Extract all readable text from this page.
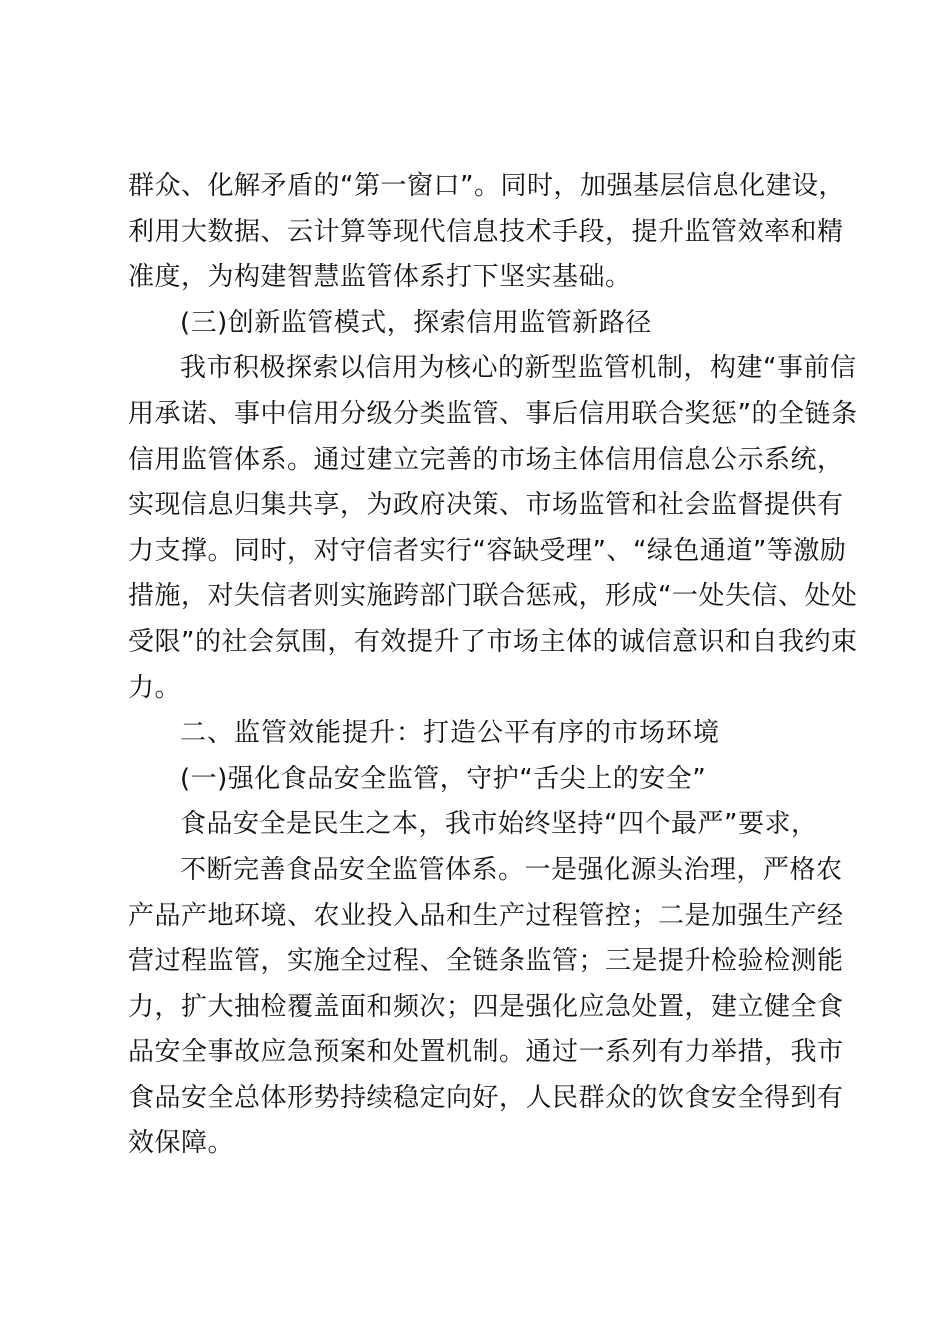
群众、化解矛盾的“第一窗口”。同时，加强基层信息化建设，
利用大数据、云计算等现代信息技术手段，提升监管效率和精
准度，为构建智慧监管体系打下坚实基础。
(三)创新监管模式，探索信用监管新路径
我市积极探索以信用为核心的新型监管机制，构建“事前信
用承诺、事中信用分级分类监管、事后信用联合奖惩”的全链条
信用监管体系。通过建立完善的市场主体信用信息公示系统，
实现信息归集共享，为政府决策、市场监管和社会监督提供有
力支撑。同时，对守信者实行“容缺受理”、“绿色通道”等激励
措施，对失信者则实施跨部门联合惩戒，形成“一处失信、处处
受限”的社会氛围，有效提升了市场主体的诚信意识和自我约束
力。
二、监管效能提升：打造公平有序的市场环境
(一)强化食品安全监管，守护“舌尖上的安全”
食品安全是民生之本，我市始终坚持“四个最严”要求，
不断完善食品安全监管体系。一是强化源头治理，严格农
产品产地环境、农业投入品和生产过程管控；二是加强生产经
营过程监管，实施全过程、全链条监管；三是提升检验检测能
力，扩大抽检覆盖面和频次；四是强化应急处置，建立健全食
品安全事故应急预案和处置机制。通过一系列有力举措，我市
食品安全总体形势持续稳定向好，人民群众的饮食安全得到有
效保障。
